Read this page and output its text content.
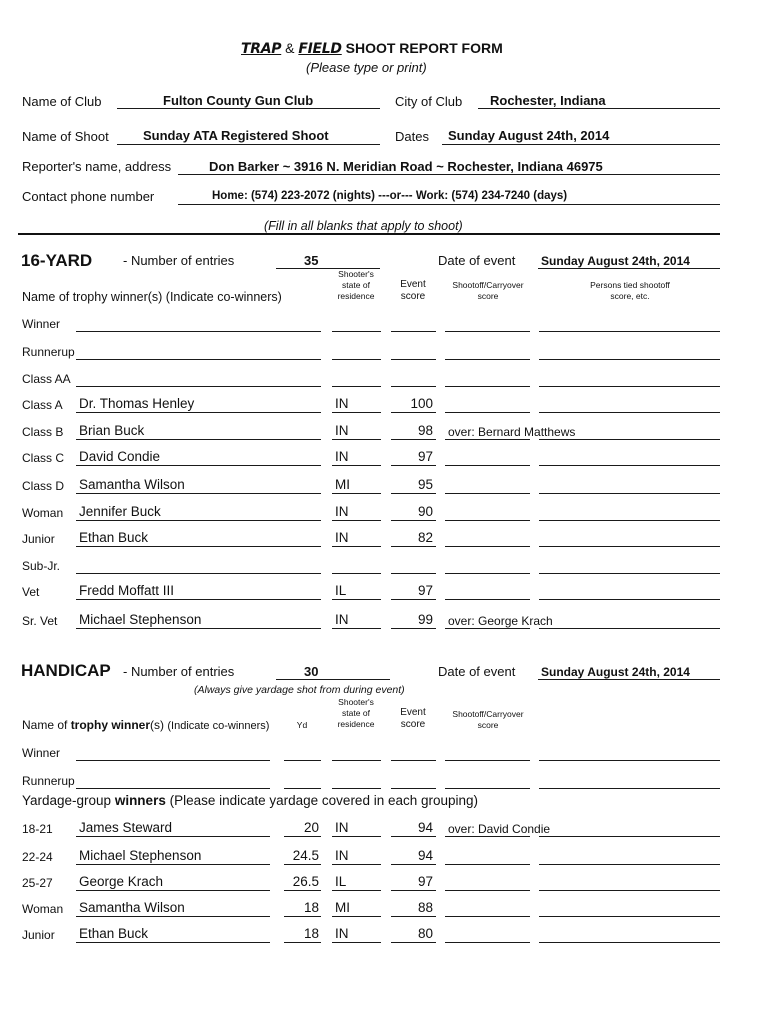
TRAP & FIELD SHOOT REPORT FORM
(Please type or print)
Name of Club	Fulton County Gun Club	City of Club Rochester, Indiana
Name of Shoot	Sunday ATA Registered Shoot	Dates Sunday August 24th, 2014
Reporter's name, address	Don Barker ~ 3916 N. Meridian Road ~ Rochester, Indiana 46975
Contact phone number	Home: (574) 223-2072 (nights) ---or--- Work: (574) 234-7240 (days)
(Fill in all blanks that apply to shoot)
16-YARD - Number of entries	35	Date of event Sunday August 24th, 2014
Shooter's state of residence
Event score
Shootoff/Carryover score
Persons tied shootoff score, etc.
Name of trophy winner(s) (Indicate co-winners)
Winner
Runnerup
Class AA
Class A Dr. Thomas Henley	IN	100
Class B Brian Buck	IN	98 over: Bernard Matthews
Class C David Condie	IN	97
Class D Samantha Wilson	MI	95
Woman Jennifer Buck	IN	90
Junior Ethan Buck	IN	82
Sub-Jr.
Vet	Fredd Moffatt III	IL	97
Sr. Vet Michael Stephenson	IN	99 over: George Krach
HANDICAP - Number of entries	30	Date of event Sunday August 24th, 2014
(Always give yardage shot from during event)
Shooter's state of residence
Event score
Shootoff/Carryover score
Yd
Name of trophy winner(s) (Indicate co-winners)
Winner
Runnerup
Yardage-group winners (Please indicate yardage covered in each grouping)
18-21 James Steward	20 IN	94 over: David Condie
22-24 Michael Stephenson	24.5 IN	94
25-27 George Krach	26.5 IL	97
Woman Samantha Wilson	18 MI	88
Junior Ethan Buck	18 IN	80
